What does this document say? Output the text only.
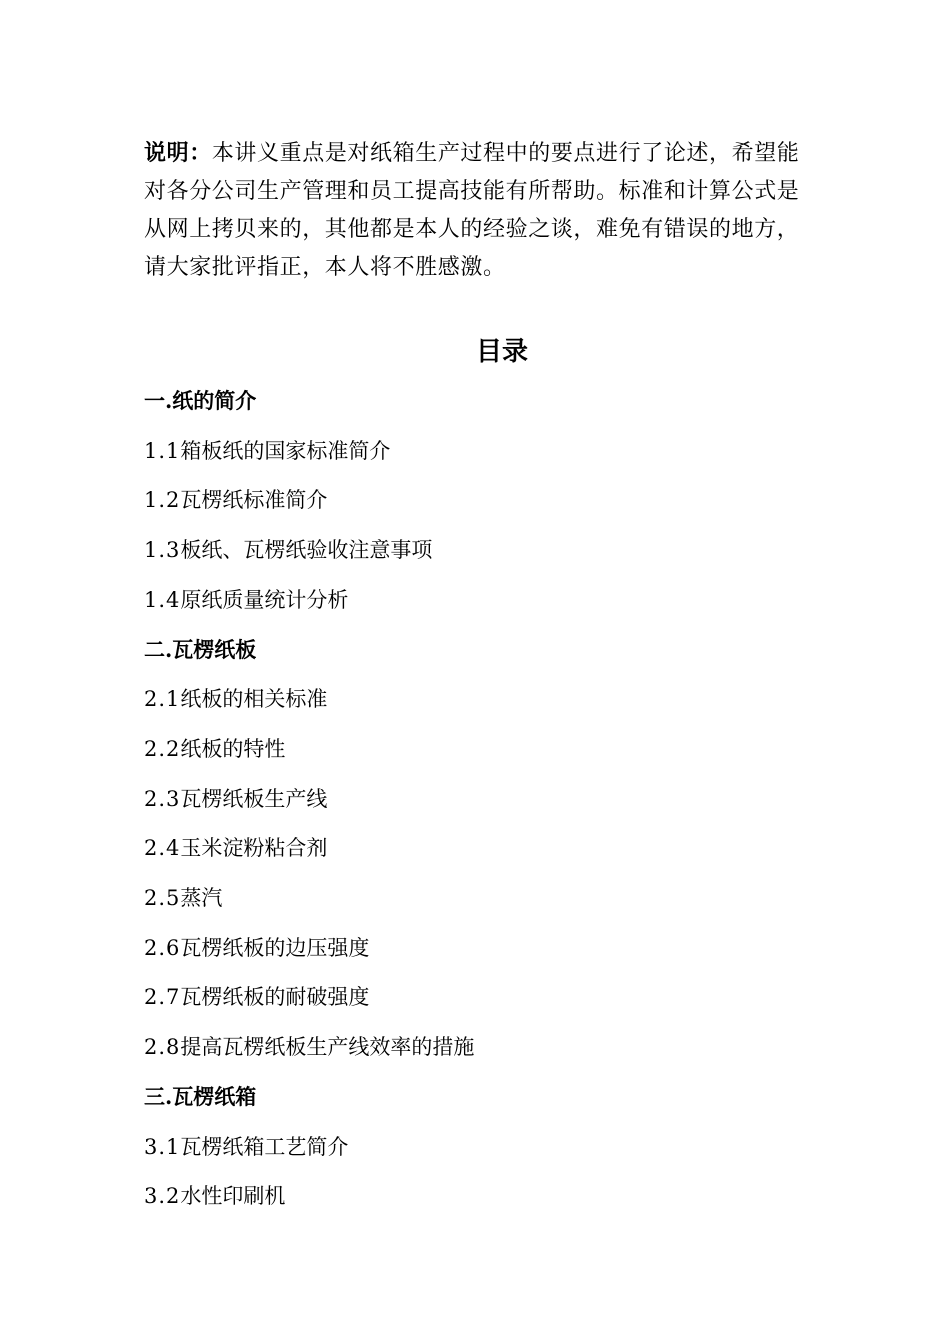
说明：本讲义重点是对纸箱生产过程中的要点进行了论述，希望能对各分公司生产管理和员工提高技能有所帮助。标准和计算公式是从网上拷贝来的，其他都是本人的经验之谈，难免有错误的地方，请大家批评指正，本人将不胜感激。
目录
一.纸的简介
1.1箱板纸的国家标准简介
1.2瓦楞纸标准简介
1.3板纸、瓦楞纸验收注意事项
1.4原纸质量统计分析
二.瓦楞纸板
2.1纸板的相关标准
2.2纸板的特性
2.3瓦楞纸板生产线
2.4玉米淀粉粘合剂
2.5蒸汽
2.6瓦楞纸板的边压强度
2.7瓦楞纸板的耐破强度
2.8提高瓦楞纸板生产线效率的措施
三.瓦楞纸箱
3.1瓦楞纸箱工艺简介
3.2水性印刷机
